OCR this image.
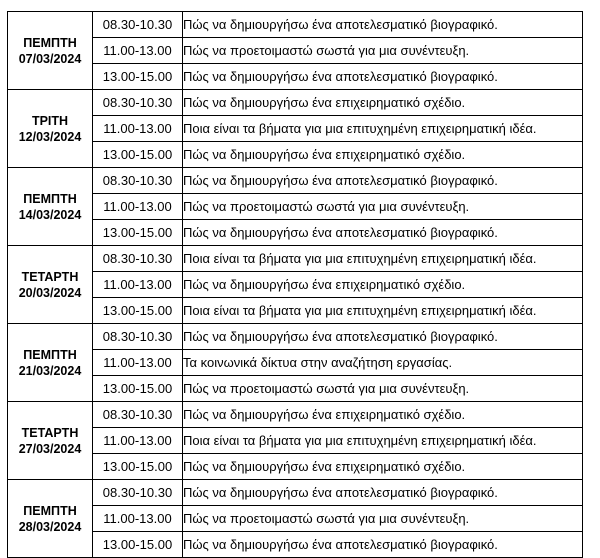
ΠΕΜΠΤΗ
07/03/2024	08.30-10.30	Πώς να δημιουργήσω ένα αποτελεσματικό βιογραφικό.
	11.00-13.00	Πώς να προετοιμαστώ σωστά για μια συνέντευξη.
	13.00-15.00	Πώς να δημιουργήσω ένα αποτελεσματικό βιογραφικό.

ΤΡΙΤΗ
12/03/2024	08.30-10.30	Πώς να δημιουργήσω ένα επιχειρηματικό σχέδιο.
	11.00-13.00	Ποια είναι τα βήματα για μια επιτυχημένη επιχειρηματική ιδέα.
	13.00-15.00	Πώς να δημιουργήσω ένα επιχειρηματικό σχέδιο.

ΠΕΜΠΤΗ
14/03/2024	08.30-10.30	Πώς να δημιουργήσω ένα αποτελεσματικό βιογραφικό.
	11.00-13.00	Πώς να προετοιμαστώ σωστά για μια συνέντευξη.
	13.00-15.00	Πώς να δημιουργήσω ένα αποτελεσματικό βιογραφικό.

ΤΕΤΑΡΤΗ
20/03/2024	08.30-10.30	Ποια είναι τα βήματα για μια επιτυχημένη επιχειρηματική ιδέα.
	11.00-13.00	Πώς να δημιουργήσω ένα επιχειρηματικό σχέδιο.
	13.00-15.00	Ποια είναι τα βήματα για μια επιτυχημένη επιχειρηματική ιδέα.

ΠΕΜΠΤΗ
21/03/2024	08.30-10.30	Πώς να δημιουργήσω ένα αποτελεσματικό βιογραφικό.
	11.00-13.00	Τα κοινωνικά δίκτυα στην αναζήτηση εργασίας.
	13.00-15.00	Πώς να προετοιμαστώ σωστά για μια συνέντευξη.

ΤΕΤΑΡΤΗ
27/03/2024	08.30-10.30	Πώς να δημιουργήσω ένα επιχειρηματικό σχέδιο.
	11.00-13.00	Ποια είναι τα βήματα για μια επιτυχημένη επιχειρηματική ιδέα.
	13.00-15.00	Πώς να δημιουργήσω ένα επιχειρηματικό σχέδιο.

ΠΕΜΠΤΗ
28/03/2024	08.30-10.30	Πώς να δημιουργήσω ένα αποτελεσματικό βιογραφικό.
	11.00-13.00	Πώς να προετοιμαστώ σωστά για μια συνέντευξη.
	13.00-15.00	Πώς να δημιουργήσω ένα αποτελεσματικό βιογραφικό.
